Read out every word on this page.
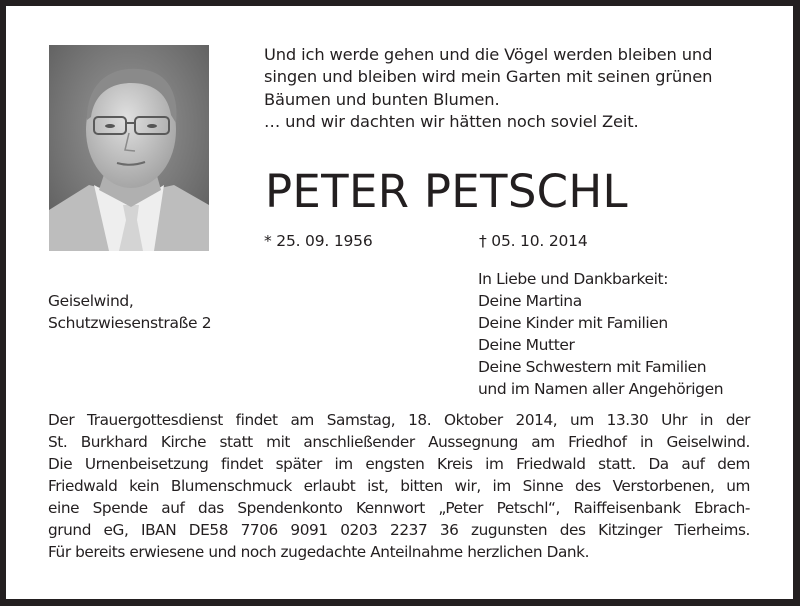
Und ich werde gehen und die Vögel werden bleiben und
singen und bleiben wird mein Garten mit seinen grünen
Bäumen und bunten Blumen.
… und wir dachten wir hätten noch soviel Zeit.
PETER PETSCHL
* 25. 09. 1956	† 05. 10. 2014
Geiselwind,
Schutzwiesenstraße 2
In Liebe und Dankbarkeit:
Deine Martina
Deine Kinder mit Familien
Deine Mutter
Deine Schwestern mit Familien
und im Namen aller Angehörigen
Der Trauergottesdienst findet am Samstag, 18. Oktober 2014, um 13.30 Uhr in der
St. Burkhard Kirche statt mit anschließender Aussegnung am Friedhof in Geiselwind.
Die Urnenbeisetzung findet später im engsten Kreis im Friedwald statt. Da auf dem
Friedwald kein Blumenschmuck erlaubt ist, bitten wir, im Sinne des Verstorbenen, um
eine Spende auf das Spendenkonto Kennwort „Peter Petschl“, Raiffeisenbank Ebrach-
grund eG, IBAN DE58 7706 9091 0203 2237 36 zugunsten des Kitzinger Tierheims.
Für bereits erwiesene und noch zugedachte Anteilnahme herzlichen Dank.
